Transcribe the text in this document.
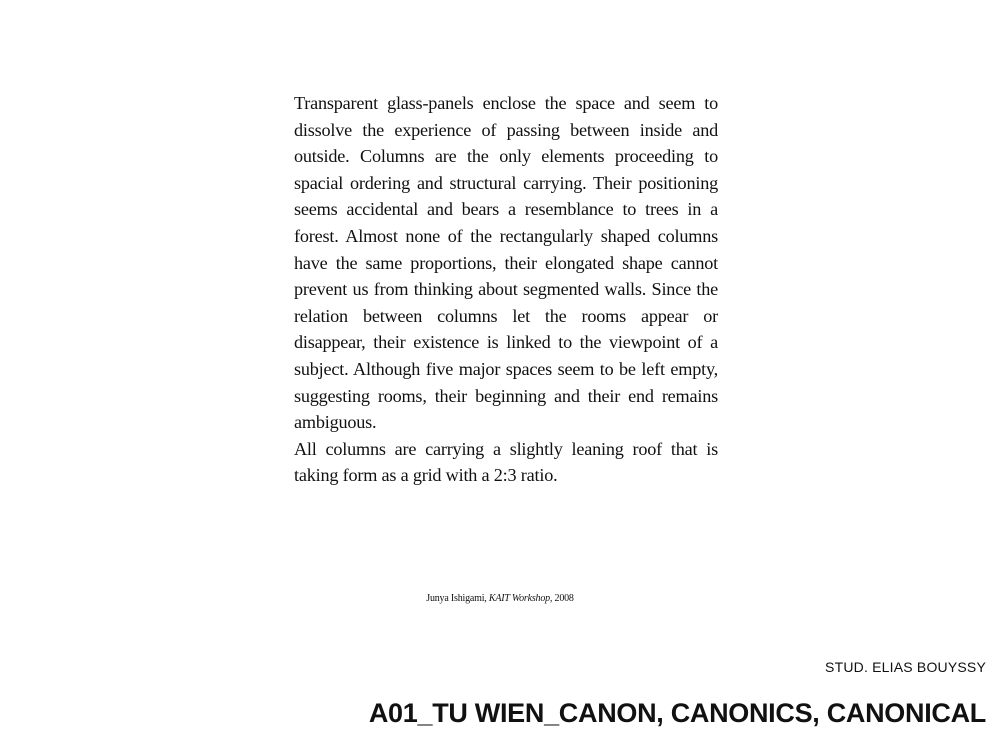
Transparent glass-panels enclose the space and seem to dissolve the experience of passing between inside and outside. Columns are the only elements proceeding to spacial ordering and structural carrying. Their positioning seems accidental and bears a resemblance to trees in a forest. Almost none of the rectangularly shaped columns have the same proportions, their elongated shape cannot prevent us from thinking about segmented walls. Since the relation between columns let the rooms appear or disappear, their existence is linked to the viewpoint of a subject. Although five major spaces seem to be left empty, suggesting rooms, their beginning and their end remains ambiguous.

All columns are carrying a slightly leaning roof that is taking form as a grid with a 2:3 ratio.

Junya Ishigami, KAIT Workshop, 2008
STUD. ELIAS BOUYSSY
A01_TU WIEN_CANON, CANONICS, CANONICAL
